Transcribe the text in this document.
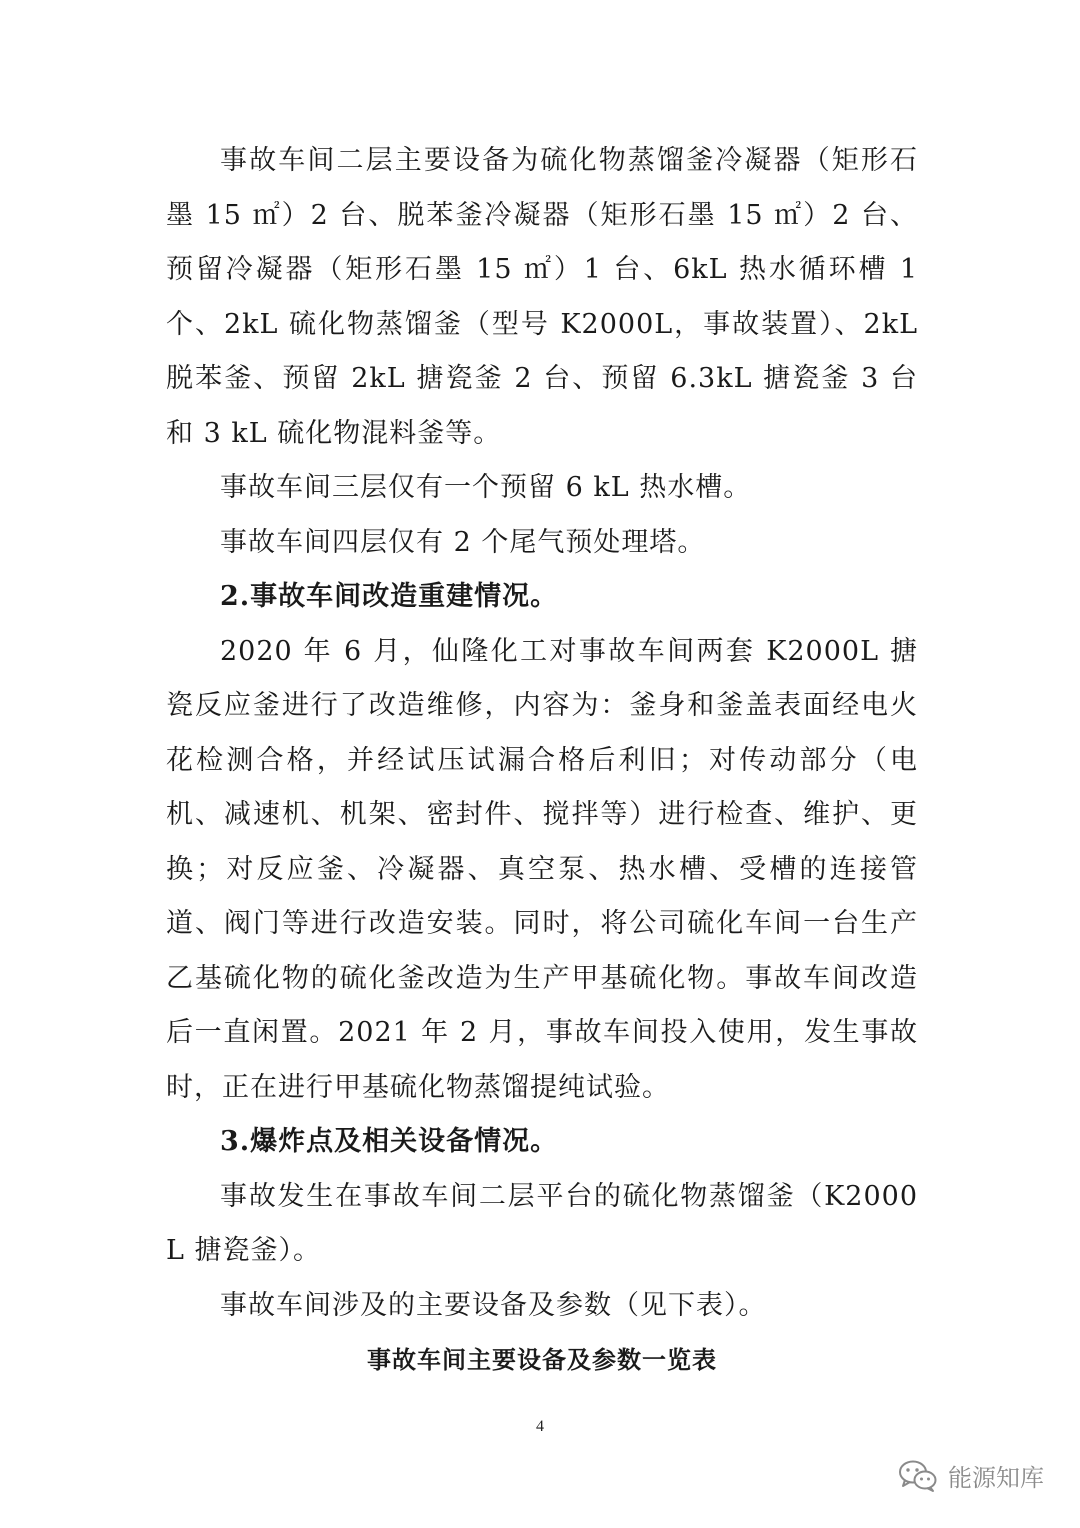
事故车间二层主要设备为硫化物蒸馏釜冷凝器（矩形石墨 15 ㎡）2 台、脱苯釜冷凝器（矩形石墨 15 ㎡）2 台、预留冷凝器（矩形石墨 15 ㎡）1 台、6kL 热水循环槽 1 个、2kL 硫化物蒸馏釜（型号 K2000L，事故装置）、2kL 脱苯釜、预留 2kL 搪瓷釜 2 台、预留 6.3kL 搪瓷釜 3 台和 3 kL 硫化物混料釜等。

事故车间三层仅有一个预留 6 kL 热水槽。

事故车间四层仅有 2 个尾气预处理塔。

2.事故车间改造重建情况。

2020 年 6 月，仙隆化工对事故车间两套 K2000L 搪瓷反应釜进行了改造维修，内容为：釜身和釜盖表面经电火花检测合格，并经试压试漏合格后利旧；对传动部分（电机、减速机、机架、密封件、搅拌等）进行检查、维护、更换；对反应釜、冷凝器、真空泵、热水槽、受槽的连接管道、阀门等进行改造安装。同时，将公司硫化车间一台生产乙基硫化物的硫化釜改造为生产甲基硫化物。事故车间改造后一直闲置。2021 年 2 月，事故车间投入使用，发生事故时，正在进行甲基硫化物蒸馏提纯试验。

3.爆炸点及相关设备情况。

事故发生在事故车间二层平台的硫化物蒸馏釜（K2000L 搪瓷釜）。

事故车间涉及的主要设备及参数（见下表）。

事故车间主要设备及参数一览表

4
能源知库
